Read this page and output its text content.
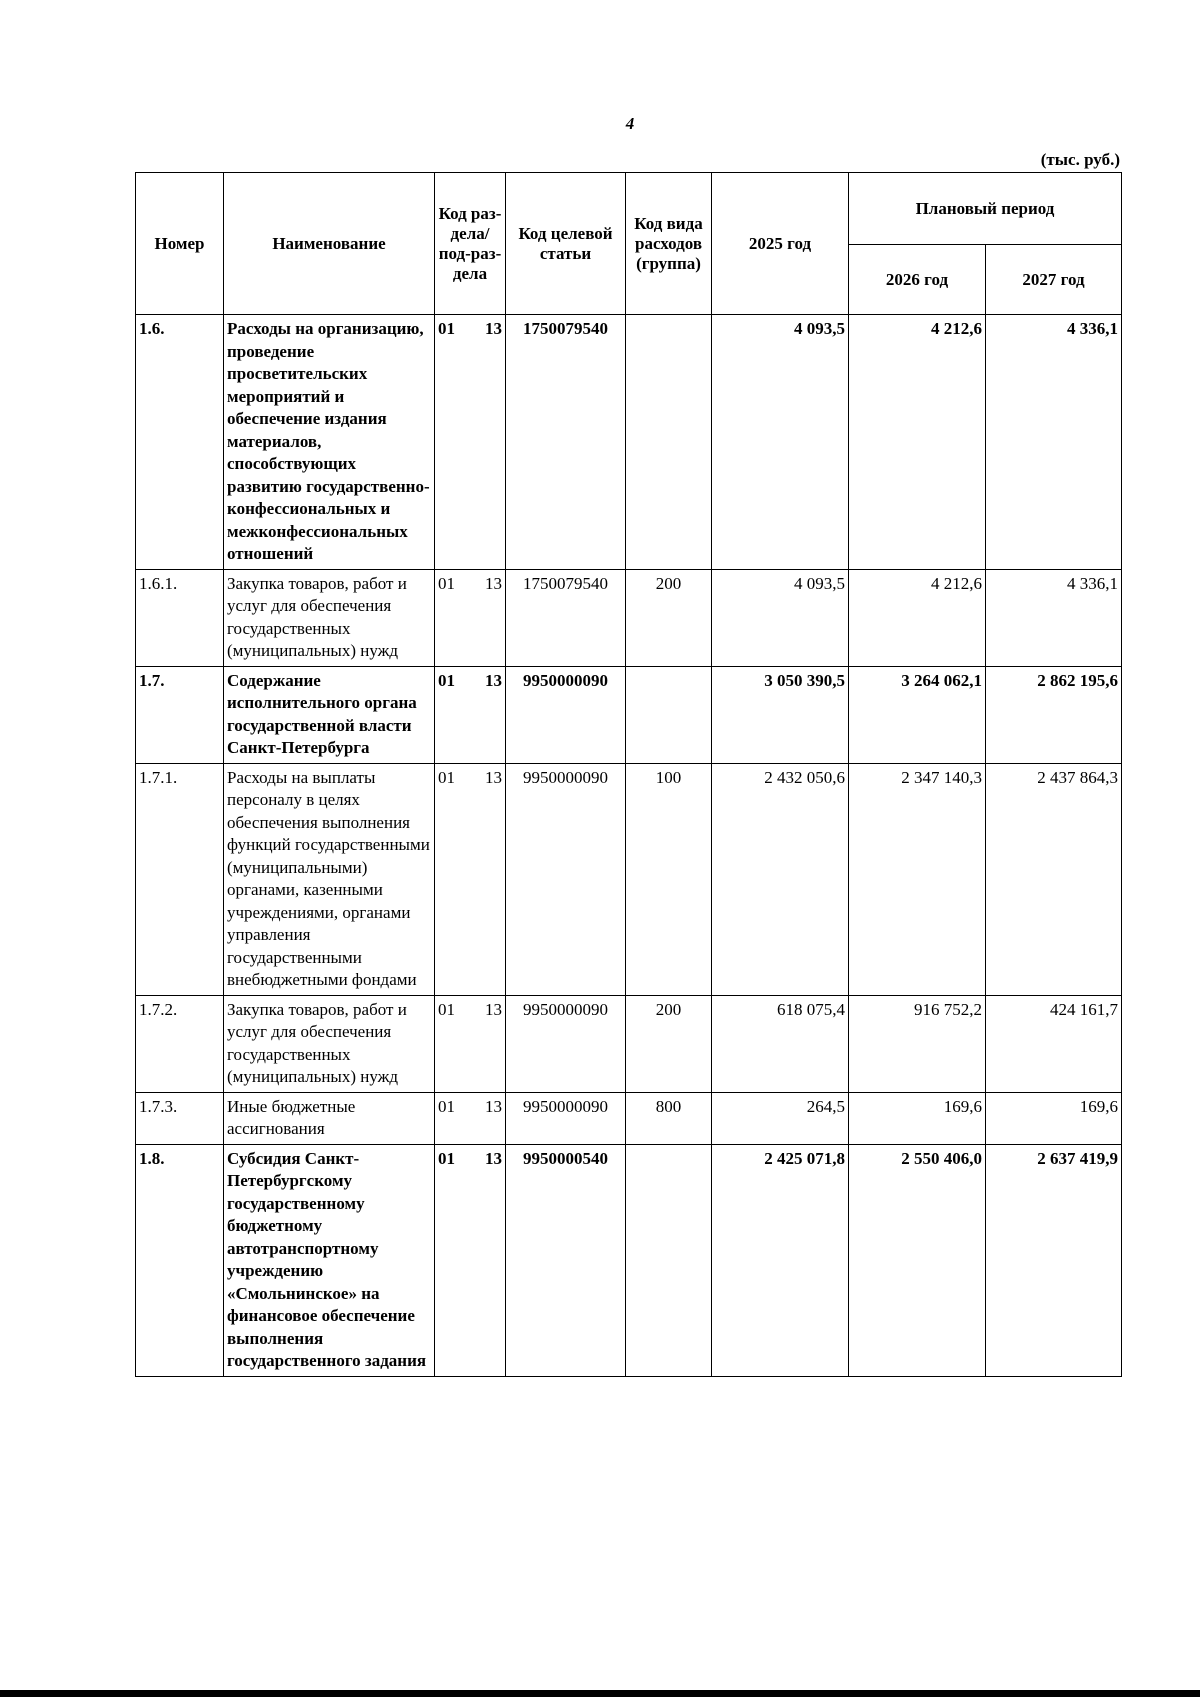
4
(тыс. руб.)
Номер	Наименование	Код раз-дела/ под-раз-дела	Код целевой статьи	Код вида расходов (группа)	2025 год	Плановый период	
						2026 год	2027 год
1.6.	Расходы на организацию, проведение просветительских мероприятий и обеспечение издания материалов, способствующих развитию государственно-конфессиональных и межконфессиональных отношений	01 13	1750079540		4 093,5	4 212,6	4 336,1
1.6.1.	Закупка товаров, работ и услуг для обеспечения государственных (муниципальных) нужд	01 13	1750079540	200	4 093,5	4 212,6	4 336,1
1.7.	Содержание исполнительного органа государственной власти Санкт-Петербурга	01 13	9950000090		3 050 390,5	3 264 062,1	2 862 195,6
1.7.1.	Расходы на выплаты персоналу в целях обеспечения выполнения функций государственными (муниципальными) органами, казенными учреждениями, органами управления государственными внебюджетными фондами	01 13	9950000090	100	2 432 050,6	2 347 140,3	2 437 864,3
1.7.2.	Закупка товаров, работ и услуг для обеспечения государственных (муниципальных) нужд	01 13	9950000090	200	618 075,4	916 752,2	424 161,7
1.7.3.	Иные бюджетные ассигнования	01 13	9950000090	800	264,5	169,6	169,6
1.8.	Субсидия Санкт-Петербургскому государственному бюджетному автотранспортному учреждению «Смольнинское» на финансовое обеспечение выполнения государственного задания	01 13	9950000540		2 425 071,8	2 550 406,0	2 637 419,9
